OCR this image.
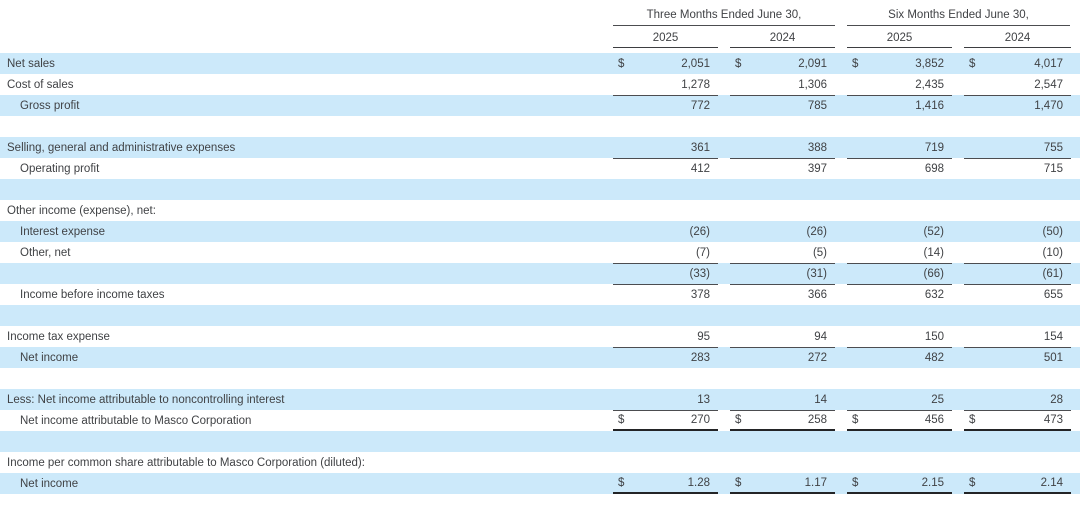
Three Months Ended June 30,	Six Months Ended June 30,
2025	2024	2025	2024
Net sales	$	2,051 $	2,091 $	3,852 $	4,017
Cost of sales	1,278	1,306	2,435	2,547
Gross profit	772	785	1,416	1,470
Selling, general and administrative expenses	361	388	719	755
Operating profit	412	397	698	715
Other income (expense), net:
Interest expense	(26)	(26)	(52)	(50)
Other, net	(7)	(5)	(14)	(10)
(33)	(31)	(66)	(61)
Income before income taxes	378	366	632	655
Income tax expense	95	94	150	154
Net income	283	272	482	501
Less: Net income attributable to noncontrolling interest	13	14	25	28
Net income attributable to Masco Corporation	$	270 $	258 $	456 $	473
Income per common share attributable to Masco Corporation (diluted):
Net income	$	1.28 $	1.17 $	2.15 $	2.14
